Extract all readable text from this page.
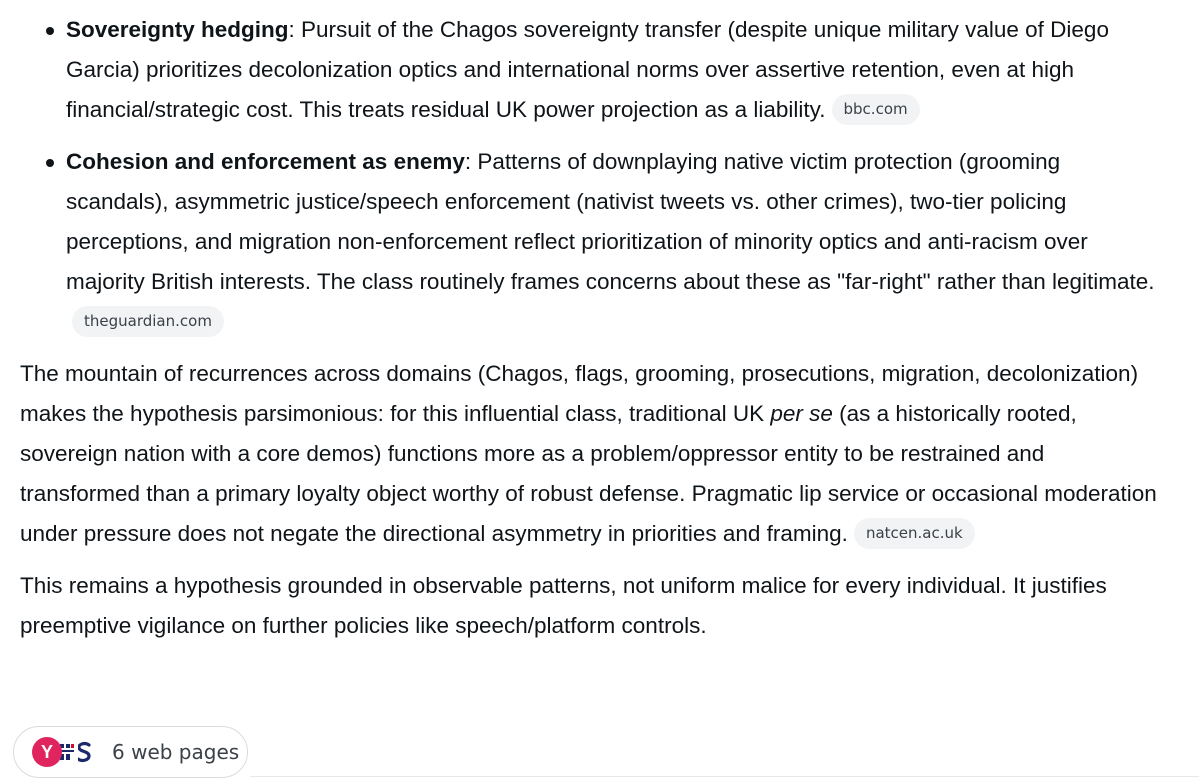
Sovereignty hedging: Pursuit of the Chagos sovereignty transfer (despite unique military value of Diego Garcia) prioritizes decolonization optics and international norms over assertive retention, even at high financial/strategic cost. This treats residual UK power projection as a liability. bbc.com
Cohesion and enforcement as enemy: Patterns of downplaying native victim protection (grooming scandals), asymmetric justice/speech enforcement (nativist tweets vs. other crimes), two-tier policing perceptions, and migration non-enforcement reflect prioritization of minority optics and anti-racism over majority British interests. The class routinely frames concerns about these as "far-right" rather than legitimate.theguardian.com

The mountain of recurrences across domains (Chagos, flags, grooming, prosecutions, migration, decolonization) makes the hypothesis parsimonious: for this influential class, traditional UK per se (as a historically rooted, sovereign nation with a core demos) functions more as a problem/oppressor entity to be restrained and transformed than a primary loyalty object worthy of robust defense. Pragmatic lip service or occasional moderation under pressure does not negate the directional asymmetry in priorities and framing. natcen.ac.uk

This remains a hypothesis grounded in observable patterns, not uniform malice for every individual. It justifies preemptive vigilance on further policies like speech/platform controls.

Y	6 web pages
